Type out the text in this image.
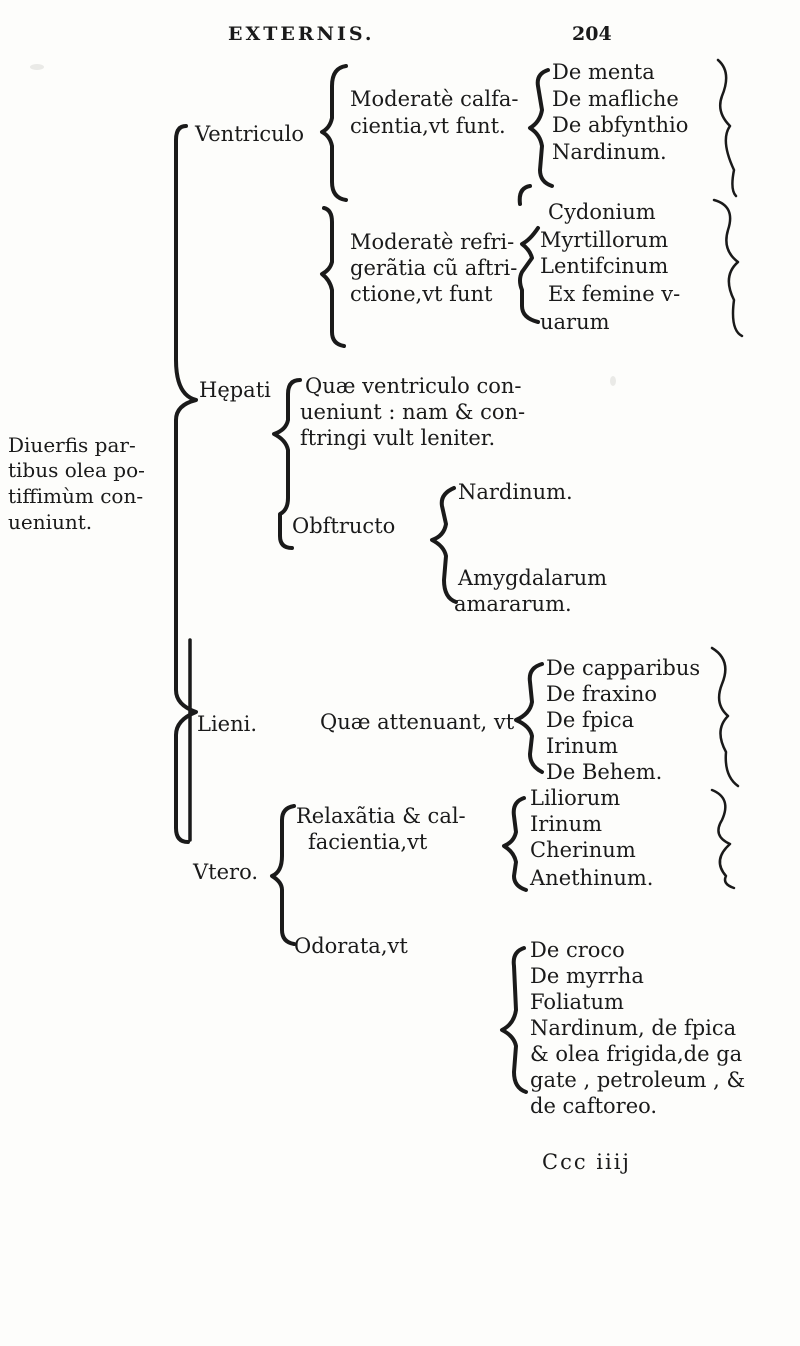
EXTERNIS.	204
Diuerfis par-
tibus olea po-
tiffimùm con-
ueniunt.
Ventriculo
Hępati
Lieni.
Vtero.
Moderatè calfa-
cientia,vt funt.
De menta
De mafliche
De abfynthio
Nardinum.
Moderatè refri-
gerãtia cũ aftri-
ctione,vt funt
Cydonium
Myrtillorum
Lentifcinum
Ex femine v-
uarum
Quæ ventriculo con-
ueniunt : nam & con-
ftringi vult leniter.
Obftructo
Nardinum.
Amygdalarum
amararum.
Quæ attenuant, vt
De capparibus
De fraxino
De fpica
Irinum
De Behem.
Relaxãtia & cal-
facientia,vt
Liliorum
Irinum
Cherinum
Anethinum.
Odorata,vt	De croco
De myrrha
Foliatum
Nardinum, de fpica
& olea frigida,de ga
gate , petroleum , &
de caftoreo.
Ccc iiij
